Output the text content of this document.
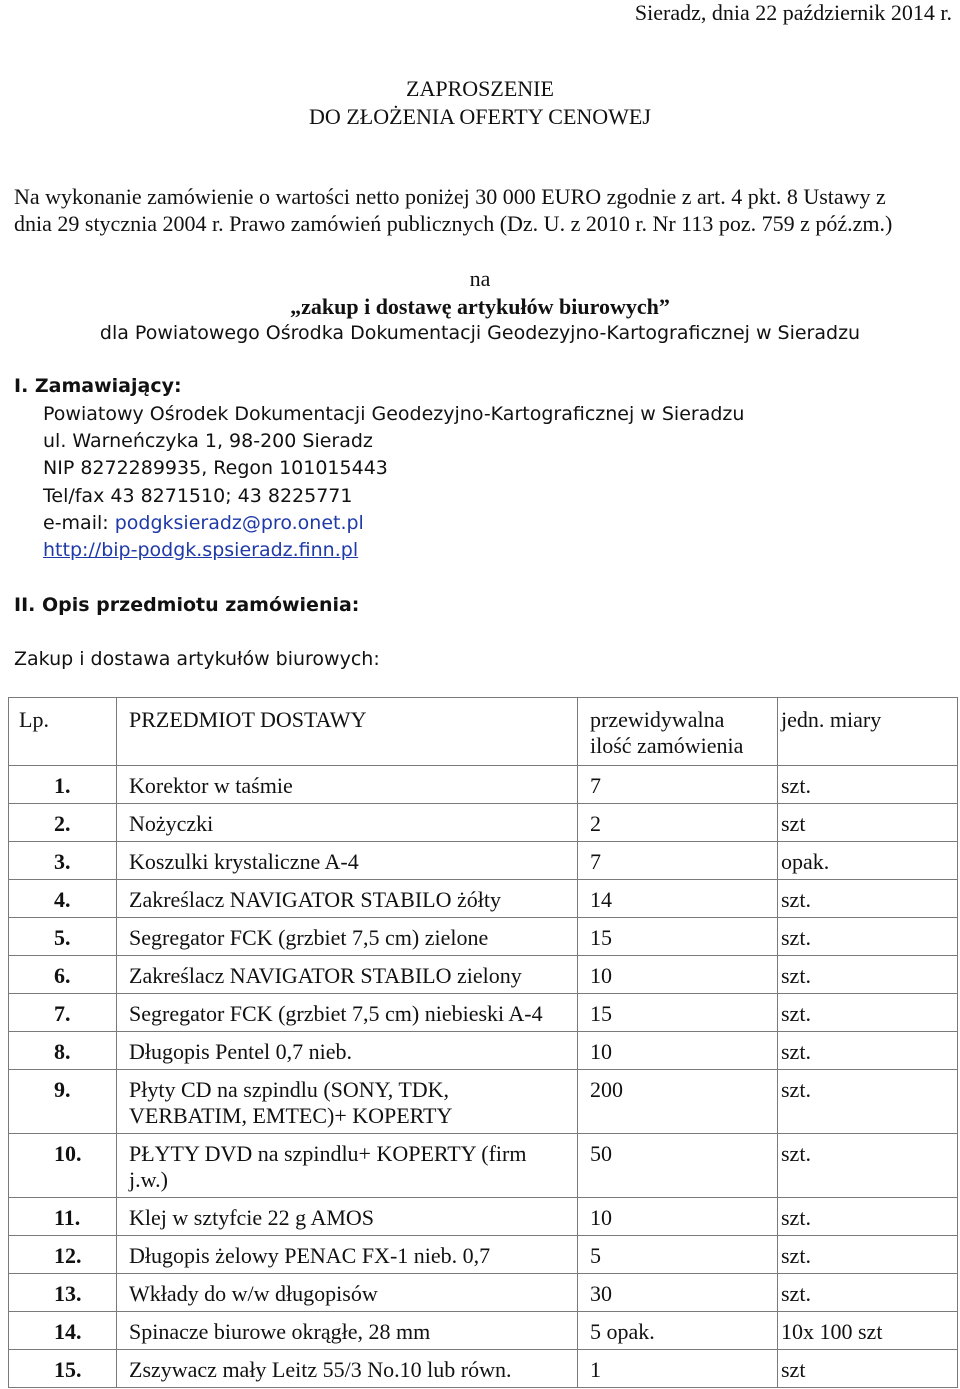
Sieradz, dnia 22 październik 2014 r.
ZAPROSZENIE
DO ZŁOŻENIA OFERTY CENOWEJ
Na wykonanie zamówienie o wartości netto poniżej 30 000 EURO zgodnie z art. 4 pkt. 8 Ustawy z
dnia 29 stycznia 2004 r. Prawo zamówień publicznych (Dz. U. z 2010 r. Nr 113 poz. 759 z póź.zm.)
na
„zakup i dostawę artykułów biurowych”
dla Powiatowego Ośrodka Dokumentacji Geodezyjno-Kartograficznej w Sieradzu
I. Zamawiający:
Powiatowy Ośrodek Dokumentacji Geodezyjno-Kartograficznej w Sieradzu
ul. Warneńczyka 1, 98-200 Sieradz
NIP 8272289935, Regon 101015443
Tel/fax 43 8271510; 43 8225771
e-mail: podgksieradz@pro.onet.pl
http://bip-podgk.spsieradz.finn.pl
II. Opis przedmiotu zamówienia:
Zakup i dostawa artykułów biurowych:
Lp.	PRZEDMIOT DOSTAWY	przewidywalna
ilość zamówienia	jedn. miary

1.	Korektor w taśmie	7	szt.

2.	Nożyczki	2	szt

3.	Koszulki krystaliczne A-4	7	opak.

4.	Zakreślacz NAVIGATOR STABILO żółty	14	szt.

5.	Segregator FCK (grzbiet 7,5 cm) zielone	15	szt.

6.	Zakreślacz NAVIGATOR STABILO zielony	10	szt.

7.	Segregator FCK (grzbiet 7,5 cm) niebieski A-4	15	szt.

8.	Długopis Pentel 0,7 nieb.	10	szt.

9.	Płyty CD na szpindlu (SONY, TDK,
VERBATIM, EMTEC)+ KOPERTY	200	szt.

10.	PŁYTY DVD na szpindlu+ KOPERTY (firm
j.w.)	50	szt.

11.	Klej w sztyfcie 22 g AMOS	10	szt.

12.	Długopis żelowy PENAC FX-1 nieb. 0,7	5	szt.

13.	Wkłady do w/w długopisów	30	szt.

14.	Spinacze biurowe okrągłe, 28 mm	5 opak.	10x 100 szt

15.	Zszywacz mały Leitz 55/3 No.10 lub równ.	1	szt
